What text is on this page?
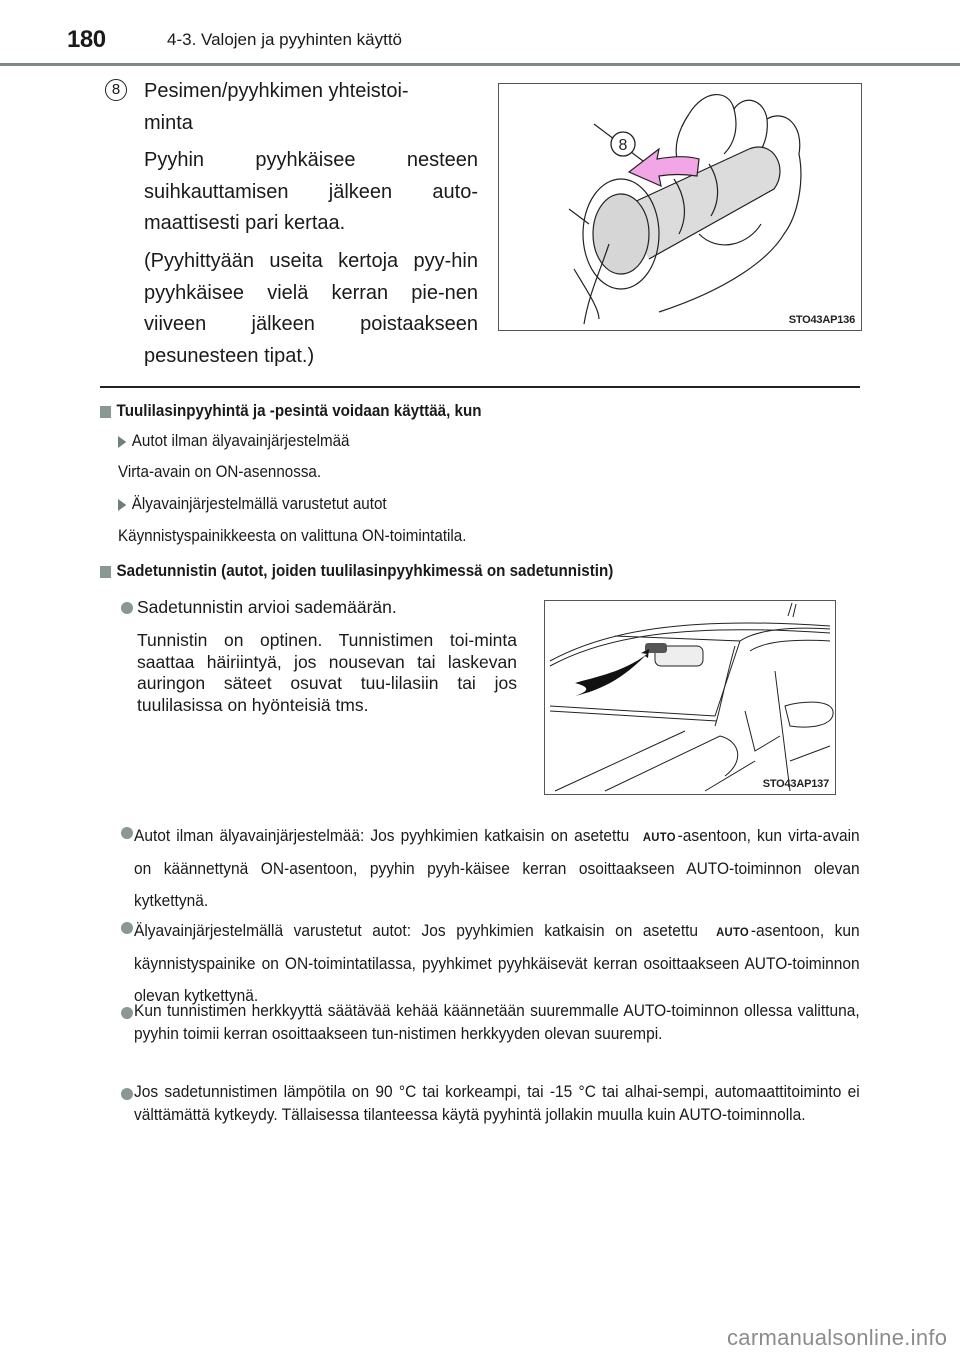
180	4-3. Valojen ja pyyhinten käyttö
8	Pesimen/pyyhkimen yhteistoi-
minta
Pyyhin pyyhkäisee nesteen suihkauttamisen jälkeen auto-maattisesti pari kertaa.
(Pyyhittyään useita kertoja pyy-hin pyyhkäisee vielä kerran pie-nen viiveen jälkeen poistaakseen pesunesteen tipat.)
8
STO43AP136
Tuulilasinpyyhintä ja -pesintä voidaan käyttää, kun
Autot ilman älyavainjärjestelmää
Virta-avain on ON-asennossa.
Älyavainjärjestelmällä varustetut autot
Käynnistyspainikkeesta on valittuna ON-toimintatila.
Sadetunnistin (autot, joiden tuulilasinpyyhkimessä on sadetunnistin)
Sadetunnistin arvioi sademäärän.
Tunnistin on optinen. Tunnistimen toi-minta saattaa häiriintyä, jos nousevan tai laskevan auringon säteet osuvat tuu-lilasiin tai jos tuulilasissa on hyönteisiä tms.
STO43AP137
Autot ilman älyavainjärjestelmää: Jos pyyhkimien katkaisin on asetettu AUTO -asentoon, kun virta-avain on käännettynä ON-asentoon, pyyhin pyyh-käisee kerran osoittaakseen AUTO-toiminnon olevan kytkettynä.
Älyavainjärjestelmällä varustetut autot: Jos pyyhkimien katkaisin on asetettu AUTO -asentoon, kun käynnistyspainike on ON-toimintatilassa, pyyhkimet pyyhkäisevät kerran osoittaakseen AUTO-toiminnon olevan kytkettynä.
Kun tunnistimen herkkyyttä säätävää kehää käännetään suuremmalle AUTO-toiminnon ollessa valittuna, pyyhin toimii kerran osoittaakseen tun-nistimen herkkyyden olevan suurempi.
Jos sadetunnistimen lämpötila on 90 °C tai korkeampi, tai -15 °C tai alhai-sempi, automaattitoiminto ei välttämättä kytkeydy. Tällaisessa tilanteessa käytä pyyhintä jollakin muulla kuin AUTO-toiminnolla.
carmanualsonline.info
